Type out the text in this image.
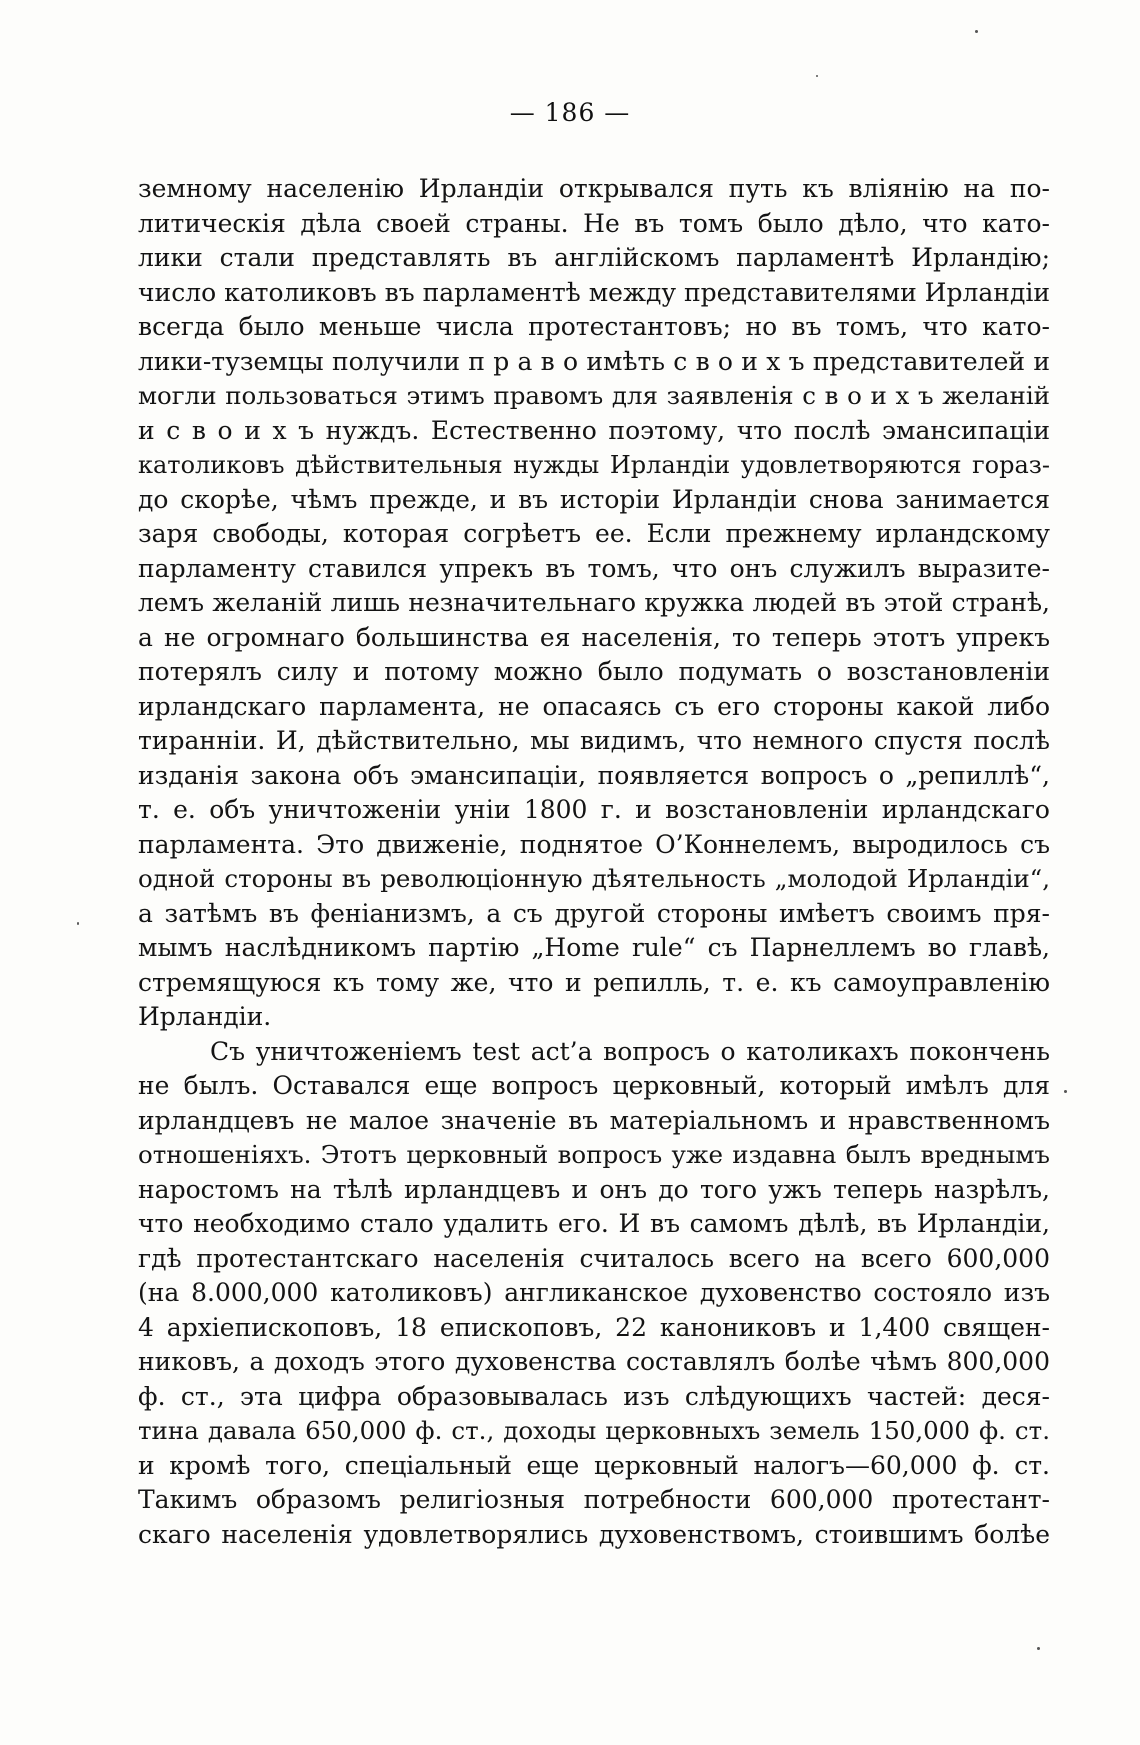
— 186 —
земному населенію Ирландіи открывался путь къ вліянію на по-
литическія дѣла своей страны. Не въ томъ было дѣло, что като-
лики стали представлять въ англійскомъ парламентѣ Ирландію;
число католиковъ въ парламентѣ между представителями Ирландіи
всегда было меньше числа протестантовъ; но въ томъ, что като-
лики-туземцы получили п р а в о имѣть с в о и х ъ представителей и
могли пользоваться этимъ правомъ для заявленія с в о и х ъ желаній
и с в о и х ъ нуждъ. Естественно поэтому, что послѣ эмансипаціи
католиковъ дѣйствительныя нужды Ирландіи удовлетворяются гораз-
до скорѣе, чѣмъ прежде, и въ исторіи Ирландіи снова занимается
заря свободы, которая согрѣетъ ее. Если прежнему ирландскому
парламенту ставился упрекъ въ томъ, что онъ служилъ выразите-
лемъ желаній лишь незначительнаго кружка людей въ этой странѣ,
а не огромнаго большинства ея населенія, то теперь этотъ упрекъ
потерялъ силу и потому можно было подумать о возстановленіи
ирландскаго парламента, не опасаясь съ его стороны какой либо
тиранніи. И, дѣйствительно, мы видимъ, что немного спустя послѣ
изданія закона объ эмансипаціи, появляется вопросъ о „репиллѣ“,
т. е. объ уничтоженіи уніи 1800 г. и возстановленіи ирландскаго
парламента. Это движеніе, поднятое О’Коннелемъ, выродилось съ
одной стороны въ революціонную дѣятельность „молодой Ирландіи“,
а затѣмъ въ феніанизмъ, а съ другой стороны имѣетъ своимъ пря-
мымъ наслѣдникомъ партію „Home rule“ съ Парнеллемъ во главѣ,
стремящуюся къ тому же, что и репилль, т. е. къ самоуправленію
Ирландіи.
Съ уничтоженіемъ test act’а вопросъ о католикахъ покончень
не былъ. Оставался еще вопросъ церковный, который имѣлъ для
ирландцевъ не малое значеніе въ матеріальномъ и нравственномъ
отношеніяхъ. Этотъ церковный вопросъ уже издавна былъ вреднымъ
наростомъ на тѣлѣ ирландцевъ и онъ до того ужъ теперь назрѣлъ,
что необходимо стало удалить его. И въ самомъ дѣлѣ, въ Ирландіи,
гдѣ протестантскаго населенія считалось всего на всего 600,000
(на 8.000,000 католиковъ) англиканское духовенство состояло изъ
4 архіепископовъ, 18 епископовъ, 22 канониковъ и 1,400 священ-
никовъ, а доходъ этого духовенства составлялъ болѣе чѣмъ 800,000
ф. ст., эта цифра образовывалась изъ слѣдующихъ частей: деся-
тина давала 650,000 ф. ст., доходы церковныхъ земель 150,000 ф. ст.
и кромѣ того, спеціальный еще церковный налогъ—60,000 ф. ст.
Такимъ образомъ религіозныя потребности 600,000 протестант-
скаго населенія удовлетворялись духовенствомъ, стоившимъ болѣе
